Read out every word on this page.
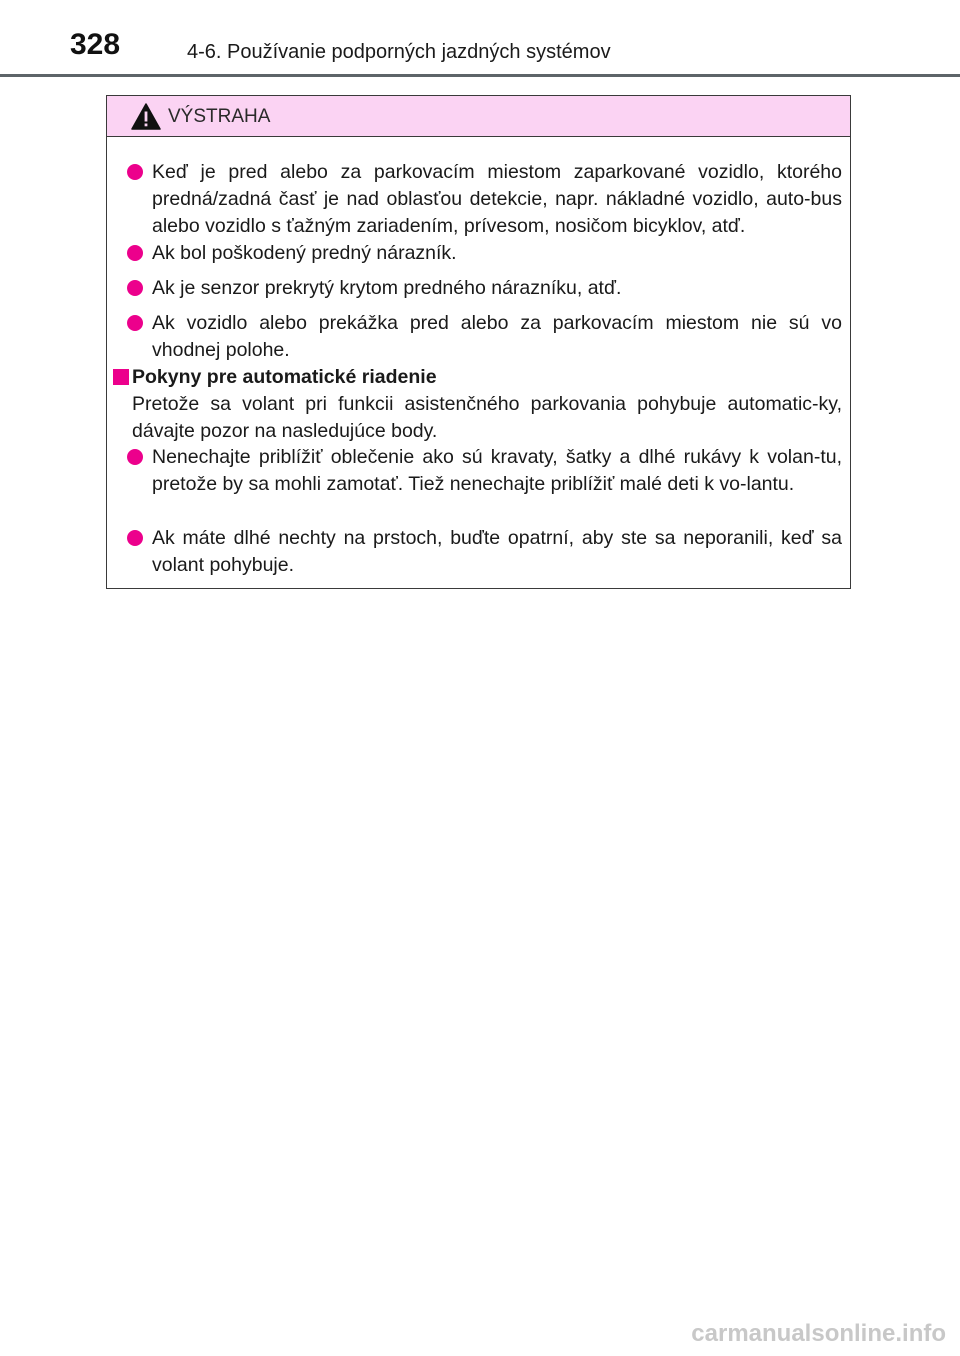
328	4-6. Používanie podporných jazdných systémov
VÝSTRAHA
Keď je pred alebo za parkovacím miestom zaparkované vozidlo, ktorého predná/zadná časť je nad oblasťou detekcie, napr. nákladné vozidlo, auto-bus alebo vozidlo s ťažným zariadením, prívesom, nosičom bicyklov, atď.
Ak bol poškodený predný nárazník.
Ak je senzor prekrytý krytom predného nárazníku, atď.
Ak vozidlo alebo prekážka pred alebo za parkovacím miestom nie sú vo vhodnej polohe.
Pokyny pre automatické riadenie
Pretože sa volant pri funkcii asistenčného parkovania pohybuje automatic-ky, dávajte pozor na nasledujúce body.
Nenechajte priblížiť oblečenie ako sú kravaty, šatky a dlhé rukávy k volan-tu, pretože by sa mohli zamotať. Tiež nenechajte priblížiť malé deti k vo-lantu.
Ak máte dlhé nechty na prstoch, buďte opatrní, aby ste sa neporanili, keď sa volant pohybuje.
carmanualsonline.info
